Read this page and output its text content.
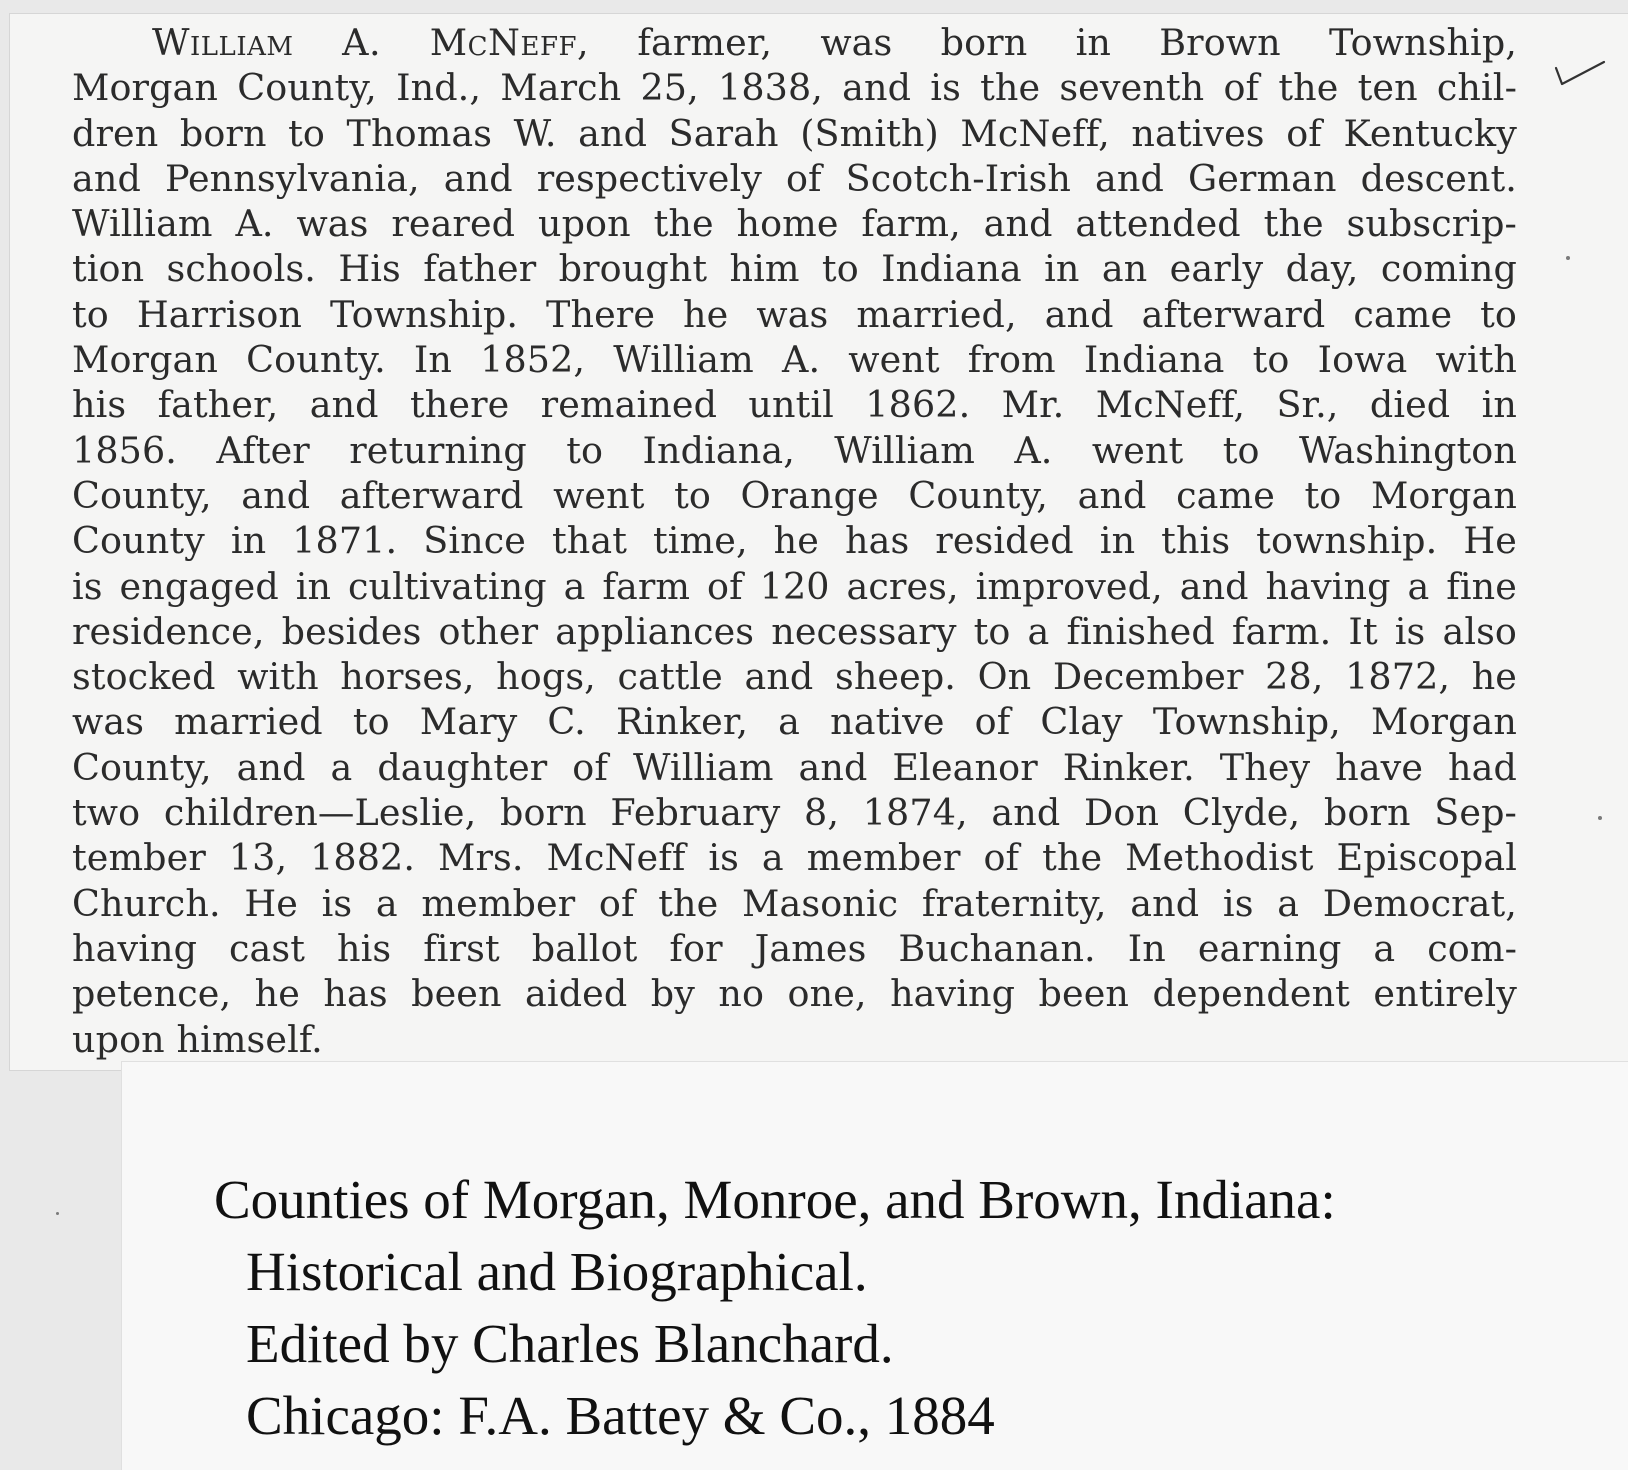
William A. McNeff, farmer, was born in Brown Township,
Morgan County, Ind., March 25, 1838, and is the seventh of the ten chil-
dren born to Thomas W. and Sarah (Smith) McNeff, natives of Kentucky
and Pennsylvania, and respectively of Scotch-Irish and German descent.
William A. was reared upon the home farm, and attended the subscrip-
tion schools. His father brought him to Indiana in an early day, coming
to Harrison Township. There he was married, and afterward came to
Morgan County. In 1852, William A. went from Indiana to Iowa with
his father, and there remained until 1862. Mr. McNeff, Sr., died in
1856. After returning to Indiana, William A. went to Washington
County, and afterward went to Orange County, and came to Morgan
County in 1871. Since that time, he has resided in this township. He
is engaged in cultivating a farm of 120 acres, improved, and having a fine
residence, besides other appliances necessary to a finished farm. It is also
stocked with horses, hogs, cattle and sheep. On December 28, 1872, he
was married to Mary C. Rinker, a native of Clay Township, Morgan
County, and a daughter of William and Eleanor Rinker. They have had
two children—Leslie, born February 8, 1874, and Don Clyde, born Sep-
tember 13, 1882. Mrs. McNeff is a member of the Methodist Episcopal
Church. He is a member of the Masonic fraternity, and is a Democrat,
having cast his first ballot for James Buchanan. In earning a com-
petence, he has been aided by no one, having been dependent entirely
upon himself.

Counties of Morgan, Monroe, and Brown, Indiana:
Historical and Biographical.
Edited by Charles Blanchard.
Chicago: F.A. Battey & Co., 1884
